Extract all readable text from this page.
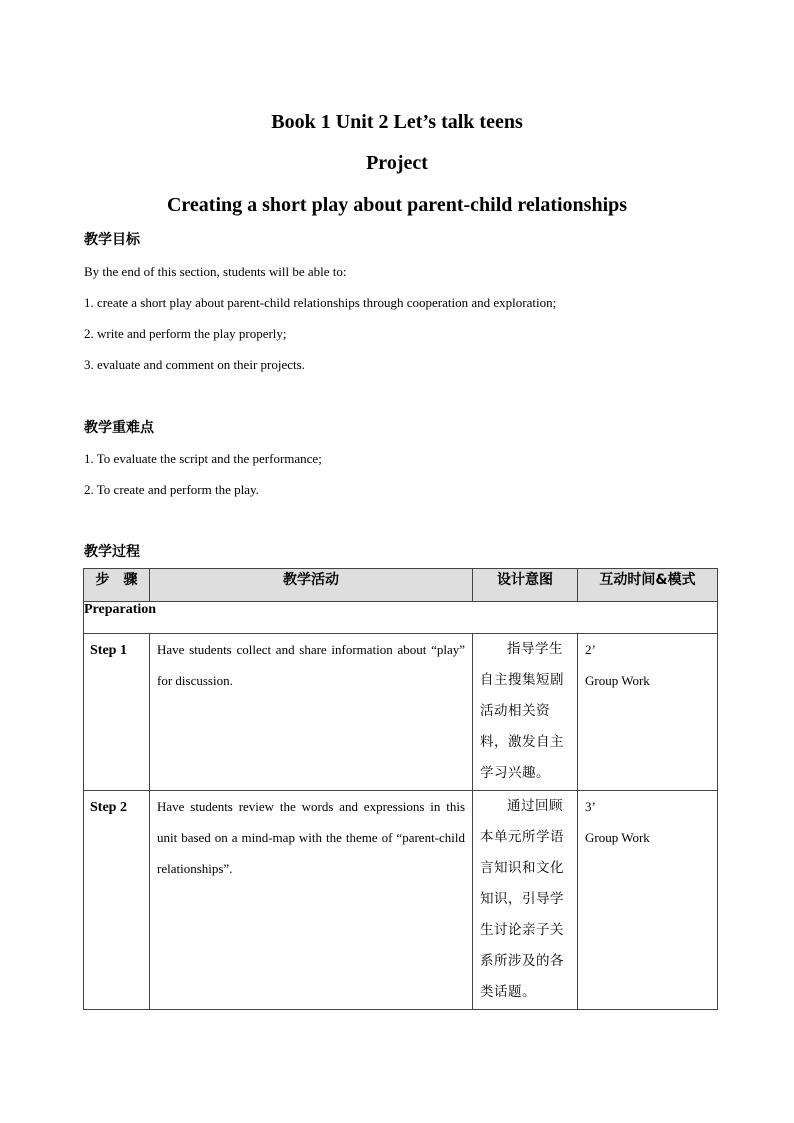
Book 1 Unit 2 Let’s talk teens
Project
Creating a short play about parent-child relationships
教学目标
By the end of this section, students will be able to:
1. create a short play about parent-child relationships through cooperation and exploration;
2. write and perform the play properly;
3. evaluate and comment on their projects.
教学重难点
1. To evaluate the script and the performance;
2. To create and perform the play.
教学过程
步　骤	教学活动	设计意图	互动时间&模式
Preparation			
Step 1	Have students collect and share information about “play” for discussion.	指导学生自主搜集短剧活动相关资料，激发自主学习兴趣。	2’
Group Work

Step 2	Have students review the words and expressions in this unit based on a mind-map with the theme of “parent-child relationships”.	通过回顾本单元所学语言知识和文化知识，引导学生讨论亲子关系所涉及的各类话题。	3’
Group Work
